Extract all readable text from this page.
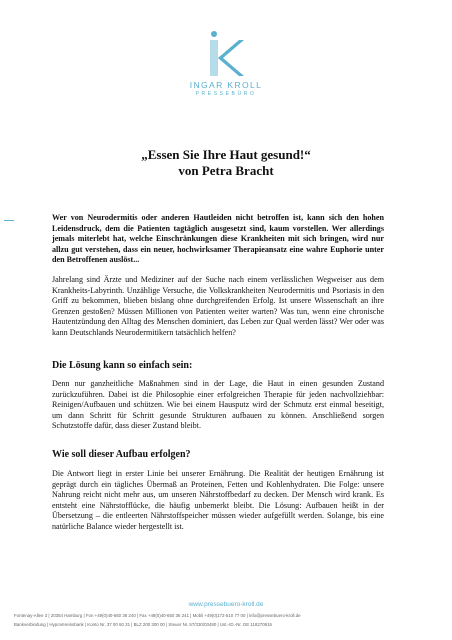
INGAR KROLL
PRESSEBÜRO
„Essen Sie Ihre Haut gesund!“
von Petra Bracht

Wer von Neurodermitis oder anderen Hautleiden nicht betroffen ist, kann sich den hohen Leidensdruck, dem die Patienten tagtäglich ausgesetzt sind, kaum vorstellen. Wer allerdings jemals miterlebt hat, welche Einschränkungen diese Krankheiten mit sich bringen, wird nur allzu gut verstehen, dass ein neuer, hochwirksamer Therapieansatz eine wahre Euphorie unter den Betroffenen auslöst...

Jahrelang sind Ärzte und Mediziner auf der Suche nach einem verlässlichen Wegweiser aus dem Krankheits-Labyrinth. Unzählige Versuche, die Volkskrankheiten Neurodermitis und Psoriasis in den Griff zu bekommen, blieben bislang ohne durchgreifenden Erfolg. Ist unsere Wissenschaft an ihre Grenzen gestoßen? Müssen Millionen von Patienten weiter warten? Was tun, wenn eine chronische Hautentzündung den Alltag des Menschen dominiert, das Leben zur Qual werden lässt? Wer oder was kann Deutschlands Neurodermitikern tatsächlich helfen?

Die Lösung kann so einfach sein:

Denn nur ganzheitliche Maßnahmen sind in der Lage, die Haut in einen gesunden Zustand zurückzuführen. Dabei ist die Philosophie einer erfolgreichen Therapie für jeden nachvollziehbar: Reinigen/Aufbauen und schützen. Wie bei einem Hausputz wird der Schmutz erst einmal beseitigt, um dann Schritt für Schritt gesunde Strukturen aufbauen zu können. Anschließend sorgen Schutzstoffe dafür, dass dieser Zustand bleibt.

Wie soll dieser Aufbau erfolgen?

Die Antwort liegt in erster Linie bei unserer Ernährung. Die Realität der heutigen Ernährung ist geprägt durch ein tägliches Übermaß an Proteinen, Fetten und Kohlenhydraten. Die Folge: unsere Nahrung reicht nicht mehr aus, um unseren Nährstoffbedarf zu decken. Der Mensch wird krank. Es entsteht eine Nährstofflücke, die häufig unbemerkt bleibt. Die Lösung: Aufbauen heißt in der Übersetzung – die entleerten Nährstoffspeicher müssen wieder aufgefüllt werden. Solange, bis eine natürliche Balance wieder hergestellt ist.

www.pressebuero-kroll.de
Fontenay-Allee 3 | 20354 Hamburg | Fon +49(0)40-650 36 240 | Fax +49(0)40-650 36 241 | Mobil +49(0)172-510 77 00 | info@pressebuero-kroll.de
Bankverbindung | HypoVereinsbank | Konto Nr. 37 00 60 31 | BLZ 200 300 00 | Steuer Nr. 57/330/03490 | Ust.-ID.-Nr. DE 118270915
